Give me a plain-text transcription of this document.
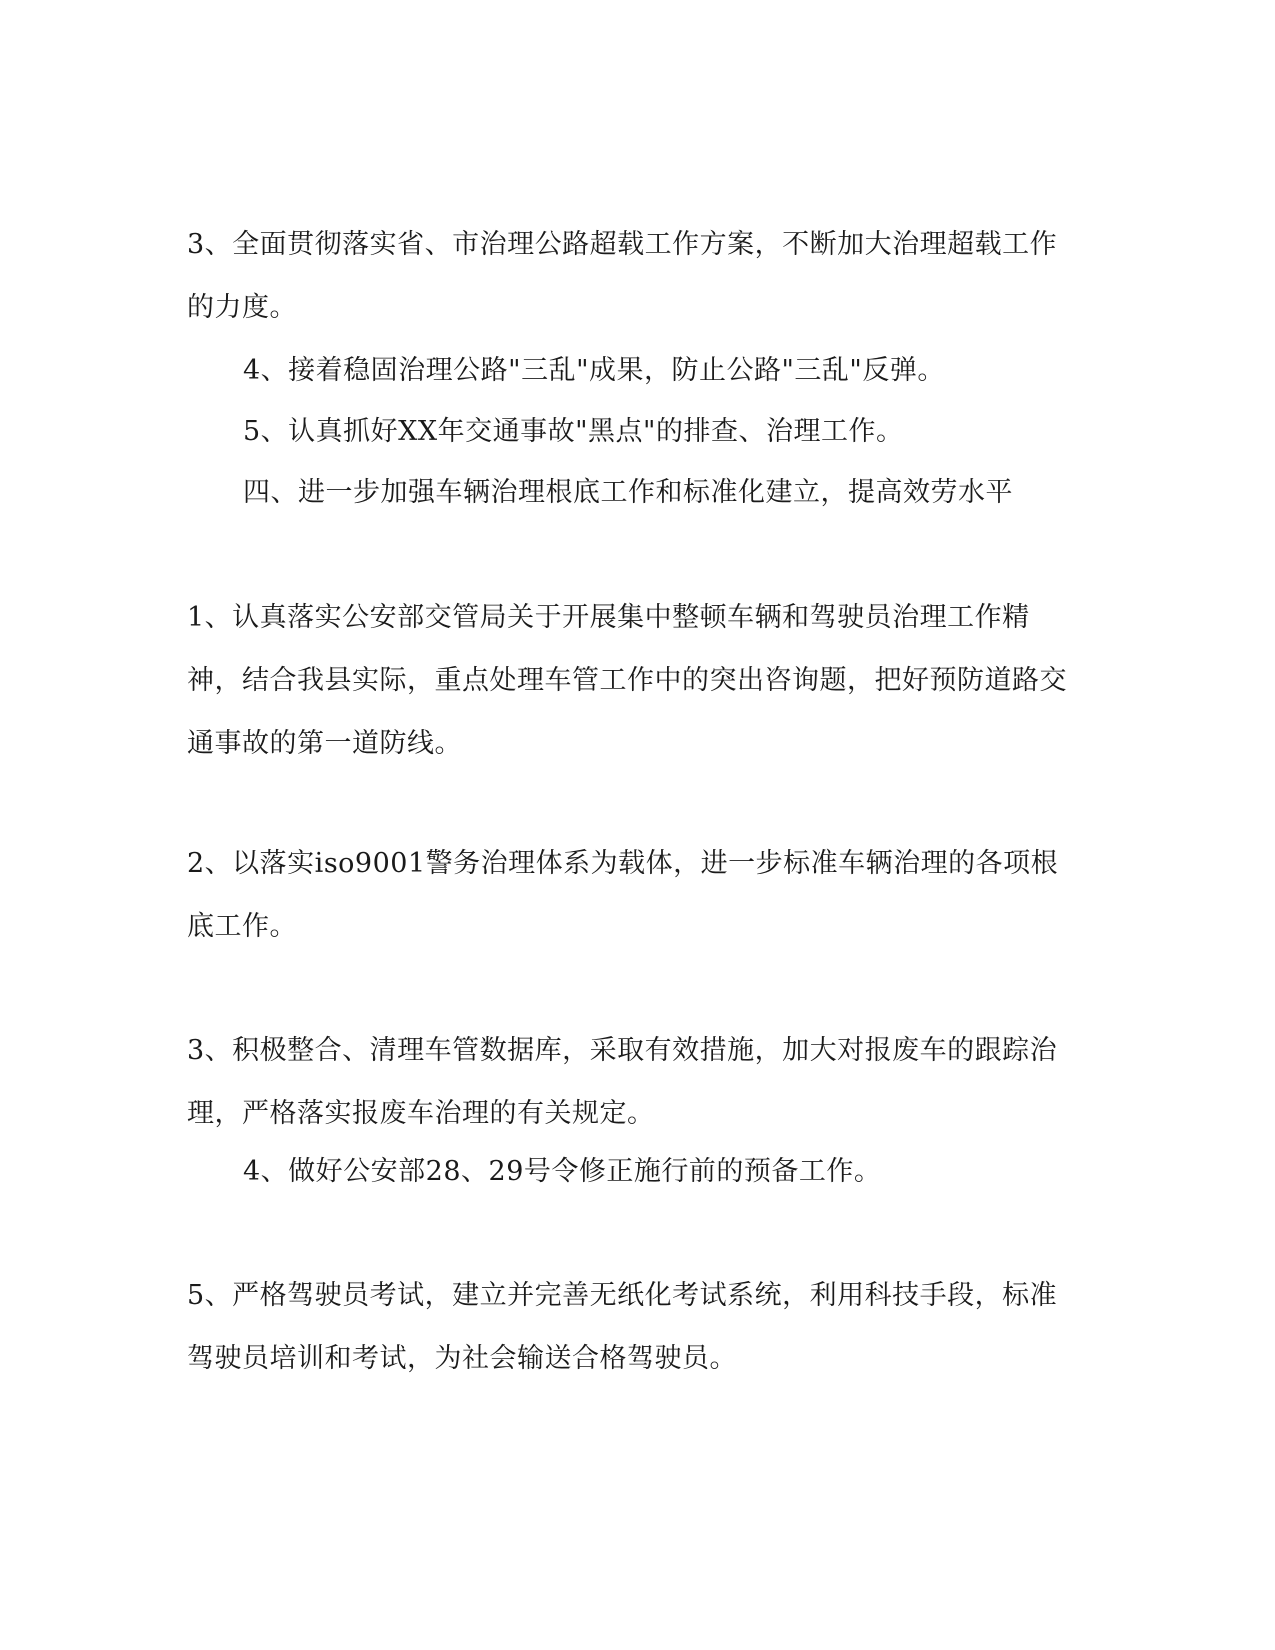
3、全面贯彻落实省、市治理公路超载工作方案，不断加大治理超载工作的力度。

4、接着稳固治理公路"三乱"成果，防止公路"三乱"反弹。

5、认真抓好XX年交通事故"黑点"的排查、治理工作。

四、进一步加强车辆治理根底工作和标准化建立，提高效劳水平

1、认真落实公安部交管局关于开展集中整顿车辆和驾驶员治理工作精神，结合我县实际，重点处理车管工作中的突出咨询题，把好预防道路交通事故的第一道防线。

2、以落实iso9001警务治理体系为载体，进一步标准车辆治理的各项根底工作。

3、积极整合、清理车管数据库，采取有效措施，加大对报废车的跟踪治理，严格落实报废车治理的有关规定。

4、做好公安部28、29号令修正施行前的预备工作。

5、严格驾驶员考试，建立并完善无纸化考试系统，利用科技手段，标准驾驶员培训和考试，为社会输送合格驾驶员。
